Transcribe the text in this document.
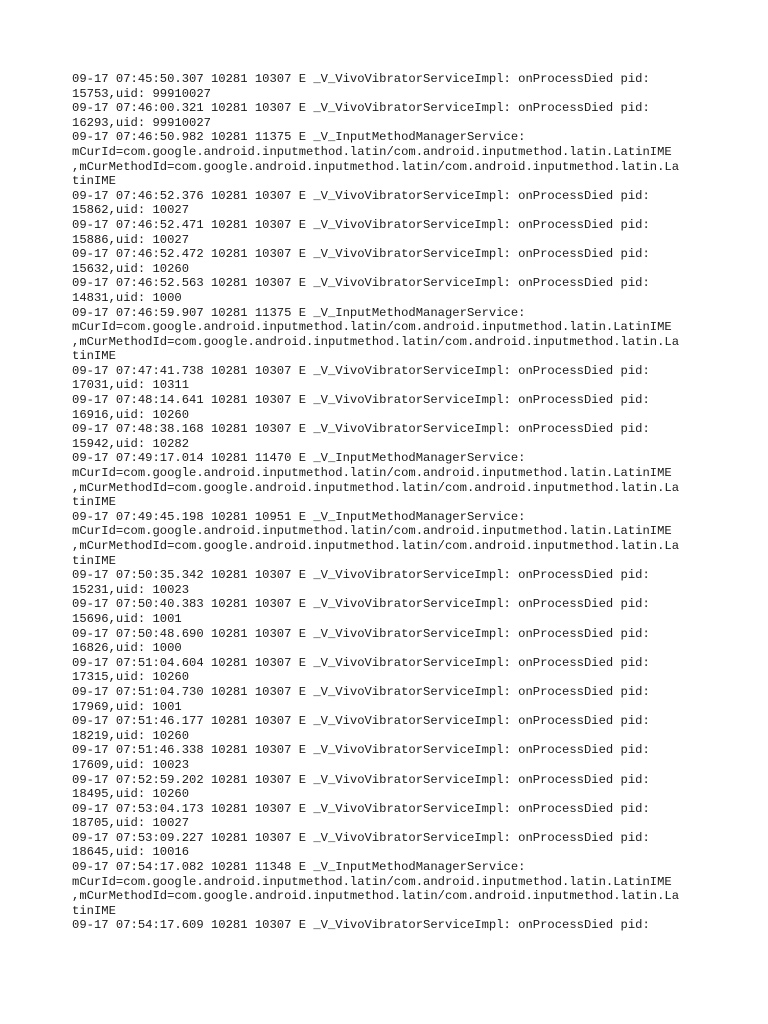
09-17 07:45:50.307 10281 10307 E _V_VivoVibratorServiceImpl: onProcessDied pid:

15753,uid: 99910027

09-17 07:46:00.321 10281 10307 E _V_VivoVibratorServiceImpl: onProcessDied pid:

16293,uid: 99910027

09-17 07:46:50.982 10281 11375 E _V_InputMethodManagerService:

mCurId=com.google.android.inputmethod.latin/com.android.inputmethod.latin.LatinIME

,mCurMethodId=com.google.android.inputmethod.latin/com.android.inputmethod.latin.La

tinIME

09-17 07:46:52.376 10281 10307 E _V_VivoVibratorServiceImpl: onProcessDied pid:

15862,uid: 10027

09-17 07:46:52.471 10281 10307 E _V_VivoVibratorServiceImpl: onProcessDied pid:

15886,uid: 10027

09-17 07:46:52.472 10281 10307 E _V_VivoVibratorServiceImpl: onProcessDied pid:

15632,uid: 10260

09-17 07:46:52.563 10281 10307 E _V_VivoVibratorServiceImpl: onProcessDied pid:

14831,uid: 1000

09-17 07:46:59.907 10281 11375 E _V_InputMethodManagerService:

mCurId=com.google.android.inputmethod.latin/com.android.inputmethod.latin.LatinIME

,mCurMethodId=com.google.android.inputmethod.latin/com.android.inputmethod.latin.La

tinIME

09-17 07:47:41.738 10281 10307 E _V_VivoVibratorServiceImpl: onProcessDied pid:

17031,uid: 10311

09-17 07:48:14.641 10281 10307 E _V_VivoVibratorServiceImpl: onProcessDied pid:

16916,uid: 10260

09-17 07:48:38.168 10281 10307 E _V_VivoVibratorServiceImpl: onProcessDied pid:

15942,uid: 10282

09-17 07:49:17.014 10281 11470 E _V_InputMethodManagerService:

mCurId=com.google.android.inputmethod.latin/com.android.inputmethod.latin.LatinIME

,mCurMethodId=com.google.android.inputmethod.latin/com.android.inputmethod.latin.La

tinIME

09-17 07:49:45.198 10281 10951 E _V_InputMethodManagerService:

mCurId=com.google.android.inputmethod.latin/com.android.inputmethod.latin.LatinIME

,mCurMethodId=com.google.android.inputmethod.latin/com.android.inputmethod.latin.La

tinIME

09-17 07:50:35.342 10281 10307 E _V_VivoVibratorServiceImpl: onProcessDied pid:

15231,uid: 10023

09-17 07:50:40.383 10281 10307 E _V_VivoVibratorServiceImpl: onProcessDied pid:

15696,uid: 1001

09-17 07:50:48.690 10281 10307 E _V_VivoVibratorServiceImpl: onProcessDied pid:

16826,uid: 1000

09-17 07:51:04.604 10281 10307 E _V_VivoVibratorServiceImpl: onProcessDied pid:

17315,uid: 10260

09-17 07:51:04.730 10281 10307 E _V_VivoVibratorServiceImpl: onProcessDied pid:

17969,uid: 1001

09-17 07:51:46.177 10281 10307 E _V_VivoVibratorServiceImpl: onProcessDied pid:

18219,uid: 10260

09-17 07:51:46.338 10281 10307 E _V_VivoVibratorServiceImpl: onProcessDied pid:

17609,uid: 10023

09-17 07:52:59.202 10281 10307 E _V_VivoVibratorServiceImpl: onProcessDied pid:

18495,uid: 10260

09-17 07:53:04.173 10281 10307 E _V_VivoVibratorServiceImpl: onProcessDied pid:

18705,uid: 10027

09-17 07:53:09.227 10281 10307 E _V_VivoVibratorServiceImpl: onProcessDied pid:

18645,uid: 10016

09-17 07:54:17.082 10281 11348 E _V_InputMethodManagerService:

mCurId=com.google.android.inputmethod.latin/com.android.inputmethod.latin.LatinIME

,mCurMethodId=com.google.android.inputmethod.latin/com.android.inputmethod.latin.La

tinIME

09-17 07:54:17.609 10281 10307 E _V_VivoVibratorServiceImpl: onProcessDied pid:
